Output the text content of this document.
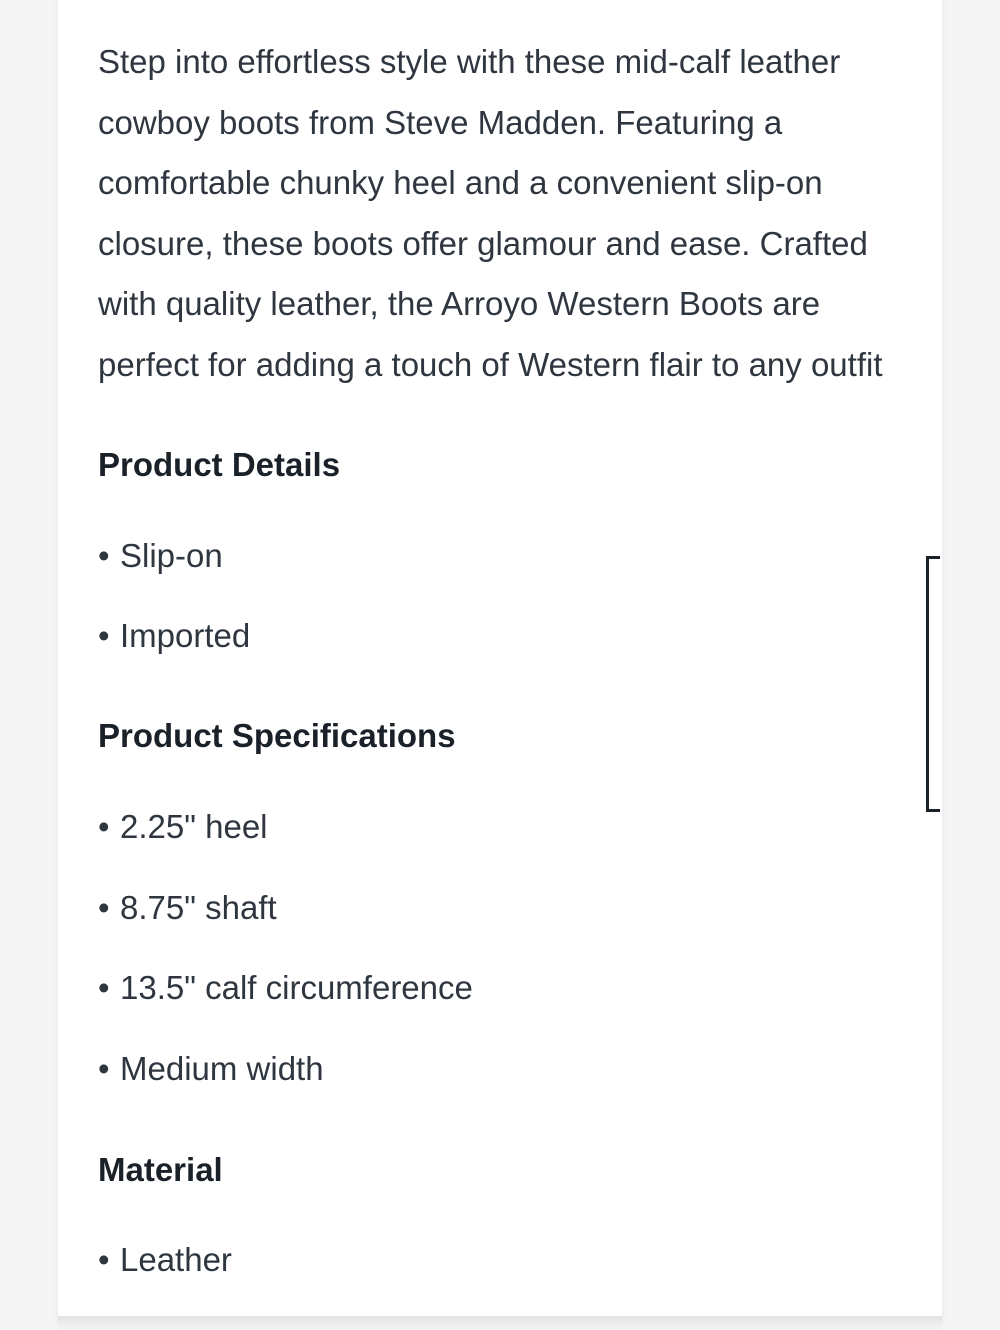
Step into effortless style with these mid-calf leather
cowboy boots from Steve Madden. Featuring a
comfortable chunky heel and a convenient slip-on
closure, these boots offer glamour and ease. Crafted
with quality leather, the Arroyo Western Boots are
perfect for adding a touch of Western flair to any outfit
Product Details
• Slip-on
• Imported
Product Specifications
• 2.25" heel
• 8.75" shaft
• 13.5" calf circumference
• Medium width
Material
• Leather
